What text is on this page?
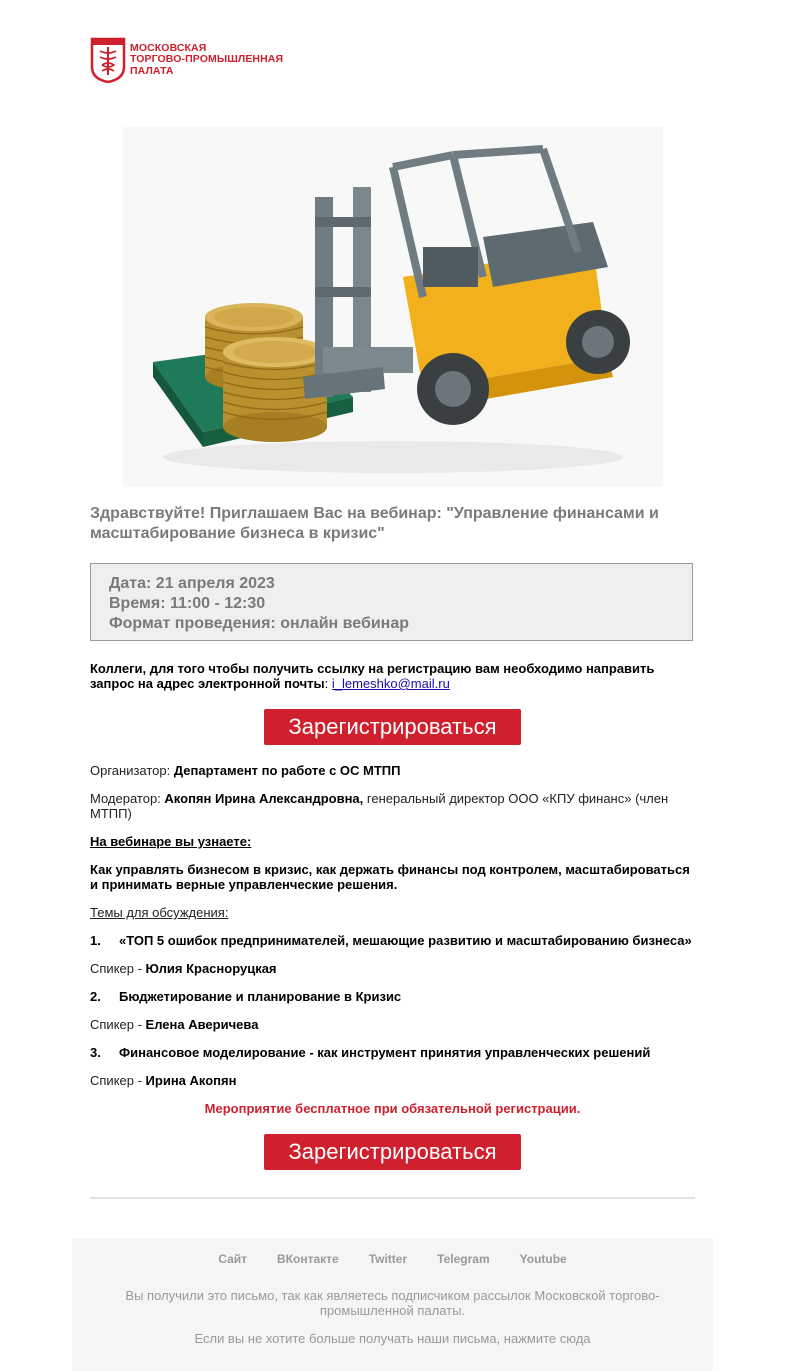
МОСКОВСКАЯ
ТОРГОВО-ПРОМЫШЛЕННАЯ
ПАЛАТА
Здравствуйте! Приглашаем Вас на вебинар: "Управление финансами и масштабирование бизнеса в кризис"
Дата: 21 апреля 2023
Время: 11:00 - 12:30
Формат проведения: онлайн вебинар
Коллеги, для того чтобы получить ссылку на регистрацию вам необходимо направить запрос на адрес электронной почты: i_lemeshko@mail.ru
Зарегистрироваться
Организатор: Департамент по работе с ОС МТПП
Модератор: Акопян Ирина Александровна, генеральный директор ООО «КПУ финанс» (член МТПП)
На вебинаре вы узнаете:
Как управлять бизнесом в кризис, как держать финансы под контролем, масштабироваться и принимать верные управленческие решения.
Темы для обсуждения:
1. «ТОП 5 ошибок предпринимателей, мешающие развитию и масштабированию бизнеса»
Спикер - Юлия Красноруцкая
2. Бюджетирование и планирование в Кризис
Спикер - Елена Аверичева
3. Финансовое моделирование - как инструмент принятия управленческих решений
Спикер - Ирина Акопян
Мероприятие бесплатное при обязательной регистрации.
Зарегистрироваться
Сайт	ВКонтакте	Twitter	Telegram	Youtube
Вы получили это письмо, так как являетесь подписчиком рассылок Московской торгово-промышленной палаты.
Если вы не хотите больше получать наши письма, нажмите сюда
